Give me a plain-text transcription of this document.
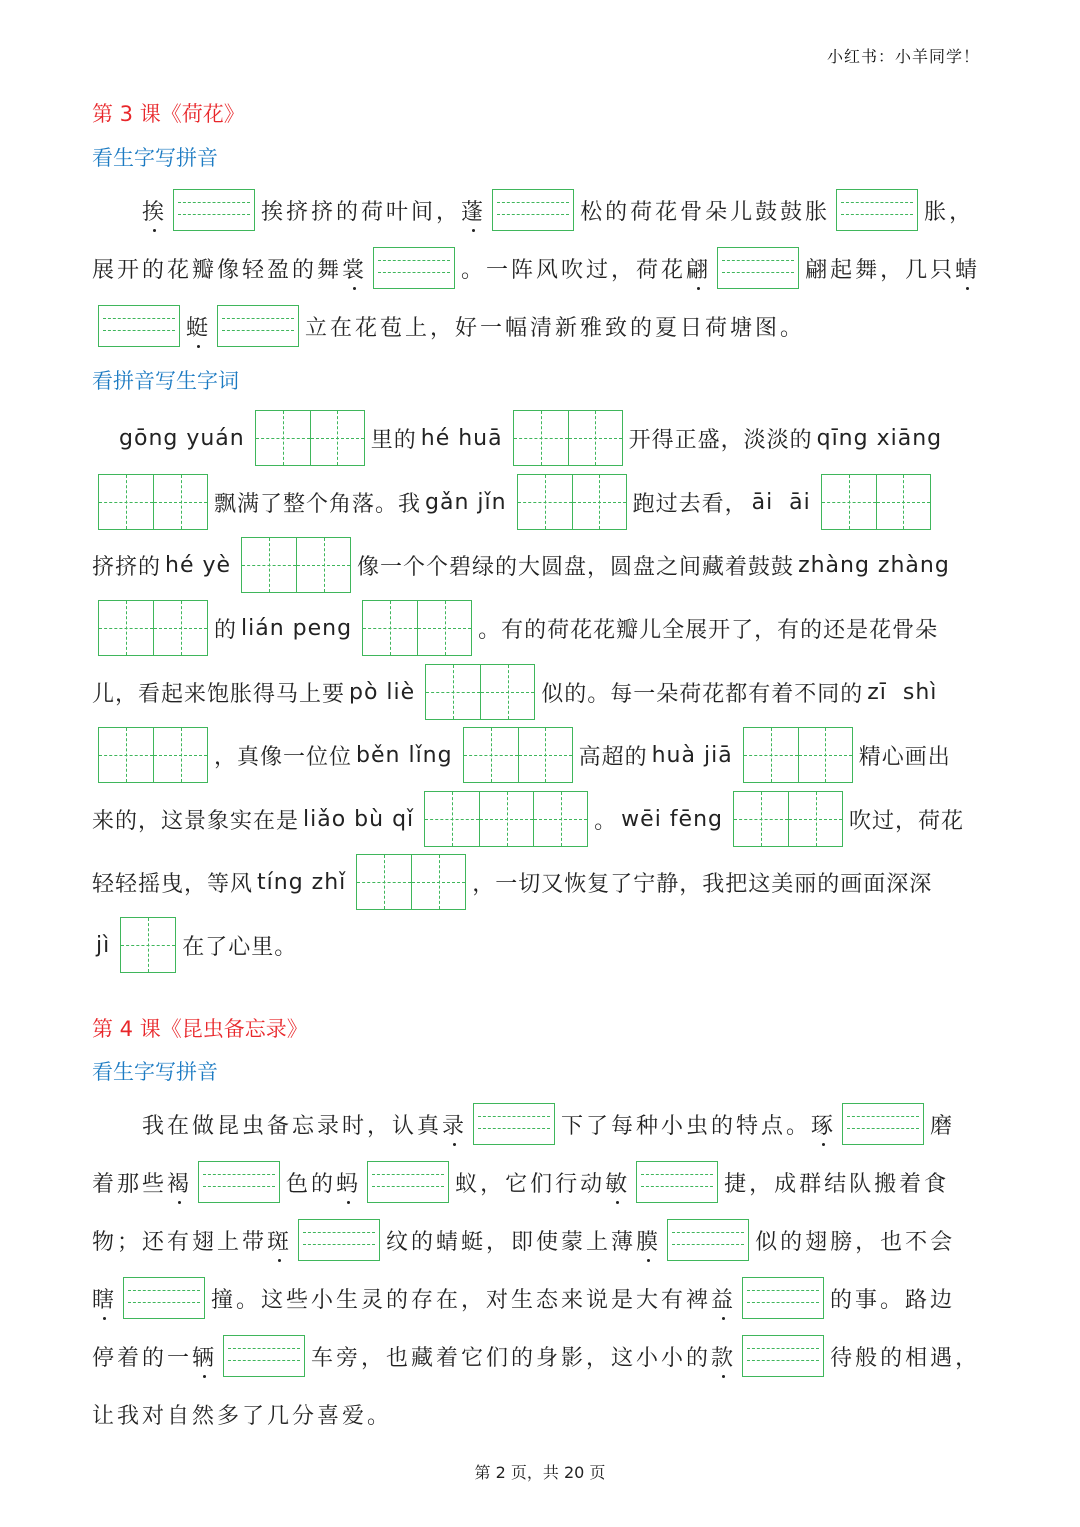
小红书：小羊同学！
第 3 课《荷花》
看生字写拼音

挨	挨挤挤的荷叶间， 蓬	松的荷花骨朵儿鼓鼓胀	胀，
展开的花瓣像轻盈的舞 裳	。一阵风吹过，荷花 翩	翩起舞，几只 蜻
蜓	立在花苞上，好一幅清新雅致的夏日荷塘图。
看拼音写生字词

gōng yuán	里的 hé huā	开得正盛，淡淡的 qīng xiāng
飘满了整个角落。我 gǎn jǐn	跑过去看， āi  āi
挤挤的 hé yè	像一个个碧绿的大圆盘，圆盘之间藏着鼓鼓 zhàng zhàng
的 lián peng	。有的荷花花瓣儿全展开了，有的还是花骨朵
儿，看起来饱胀得马上要 pò liè	似的。每一朵荷花都有着不同的 zī  shì
，真像一位位 běn lǐng	高超的 huà jiā	精心画出
来的，这景象实在是 liǎo bù qǐ	。 wēi fēng	吹过，荷花
轻轻摇曳，等风 tíng zhǐ	，一切又恢复了宁静，我把这美丽的画面深深
jì	在了心里。
第 4 课《昆虫备忘录》
看生字写拼音
　　我在做昆虫备忘录时，认真 录	下了每种小虫的特点。 琢	磨
着那些 褐	色的 蚂	蚁，它们行动 敏	捷，成群结队搬着食
物；还有翅上带 斑	纹的蜻蜓，即使蒙上薄 膜	似的翅膀，也不会
瞎	撞。这些小生灵的存在，对生态来说是大有裨 益	的事。路边
停着的一 辆	车旁，也藏着它们的身影，这小小的 款	待般的相遇，
让我对自然多了几分喜爱。
第 2 页，共 20 页
